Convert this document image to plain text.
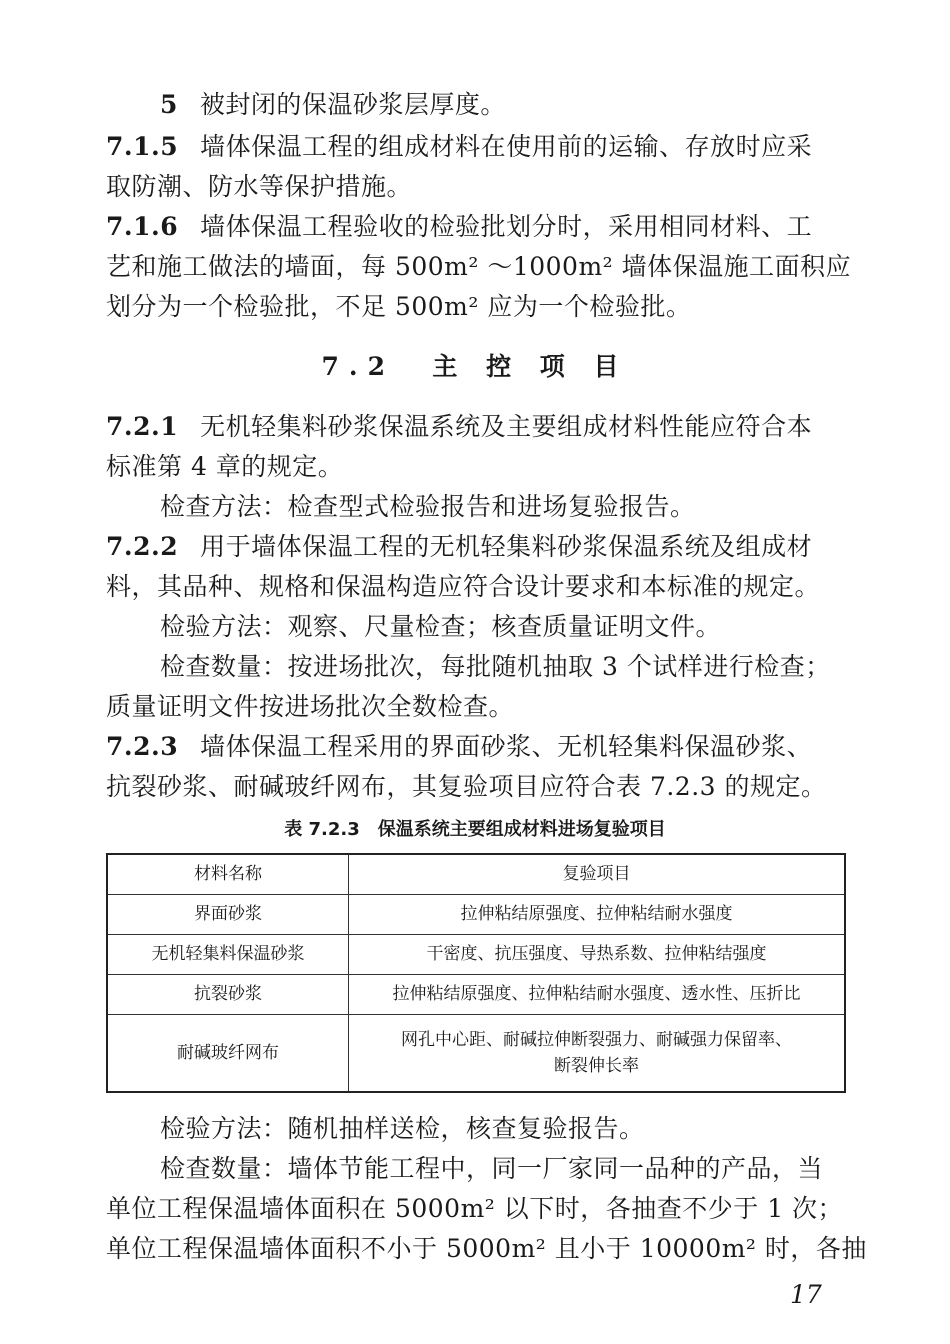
5 被封闭的保温砂浆层厚度。
7.1.5 墙体保温工程的组成材料在使用前的运输、存放时应采
取防潮、防水等保护措施。
7.1.6 墙体保温工程验收的检验批划分时，采用相同材料、工
艺和施工做法的墙面，每 500m² ～1000m² 墙体保温施工面积应
划分为一个检验批，不足 500m² 应为一个检验批。
7.2 主 控 项 目
7.2.1 无机轻集料砂浆保温系统及主要组成材料性能应符合本
标准第 4 章的规定。
检查方法：检查型式检验报告和进场复验报告。
7.2.2 用于墙体保温工程的无机轻集料砂浆保温系统及组成材
料，其品种、规格和保温构造应符合设计要求和本标准的规定。
检验方法：观察、尺量检查；核查质量证明文件。
检查数量：按进场批次，每批随机抽取 3 个试样进行检查；
质量证明文件按进场批次全数检查。
7.2.3 墙体保温工程采用的界面砂浆、无机轻集料保温砂浆、
抗裂砂浆、耐碱玻纤网布，其复验项目应符合表 7.2.3 的规定。
表 7.2.3　保温系统主要组成材料进场复验项目
材料名称	复验项目
界面砂浆	拉伸粘结原强度、拉伸粘结耐水强度
无机轻集料保温砂浆	干密度、抗压强度、导热系数、拉伸粘结强度
抗裂砂浆	拉伸粘结原强度、拉伸粘结耐水强度、透水性、压折比
耐碱玻纤网布	网孔中心距、耐碱拉伸断裂强力、耐碱强力保留率、
断裂伸长率
检验方法：随机抽样送检，核查复验报告。
检查数量：墙体节能工程中，同一厂家同一品种的产品，当
单位工程保温墙体面积在 5000m² 以下时，各抽查不少于 1 次；
单位工程保温墙体面积不小于 5000m² 且小于 10000m² 时，各抽
17
